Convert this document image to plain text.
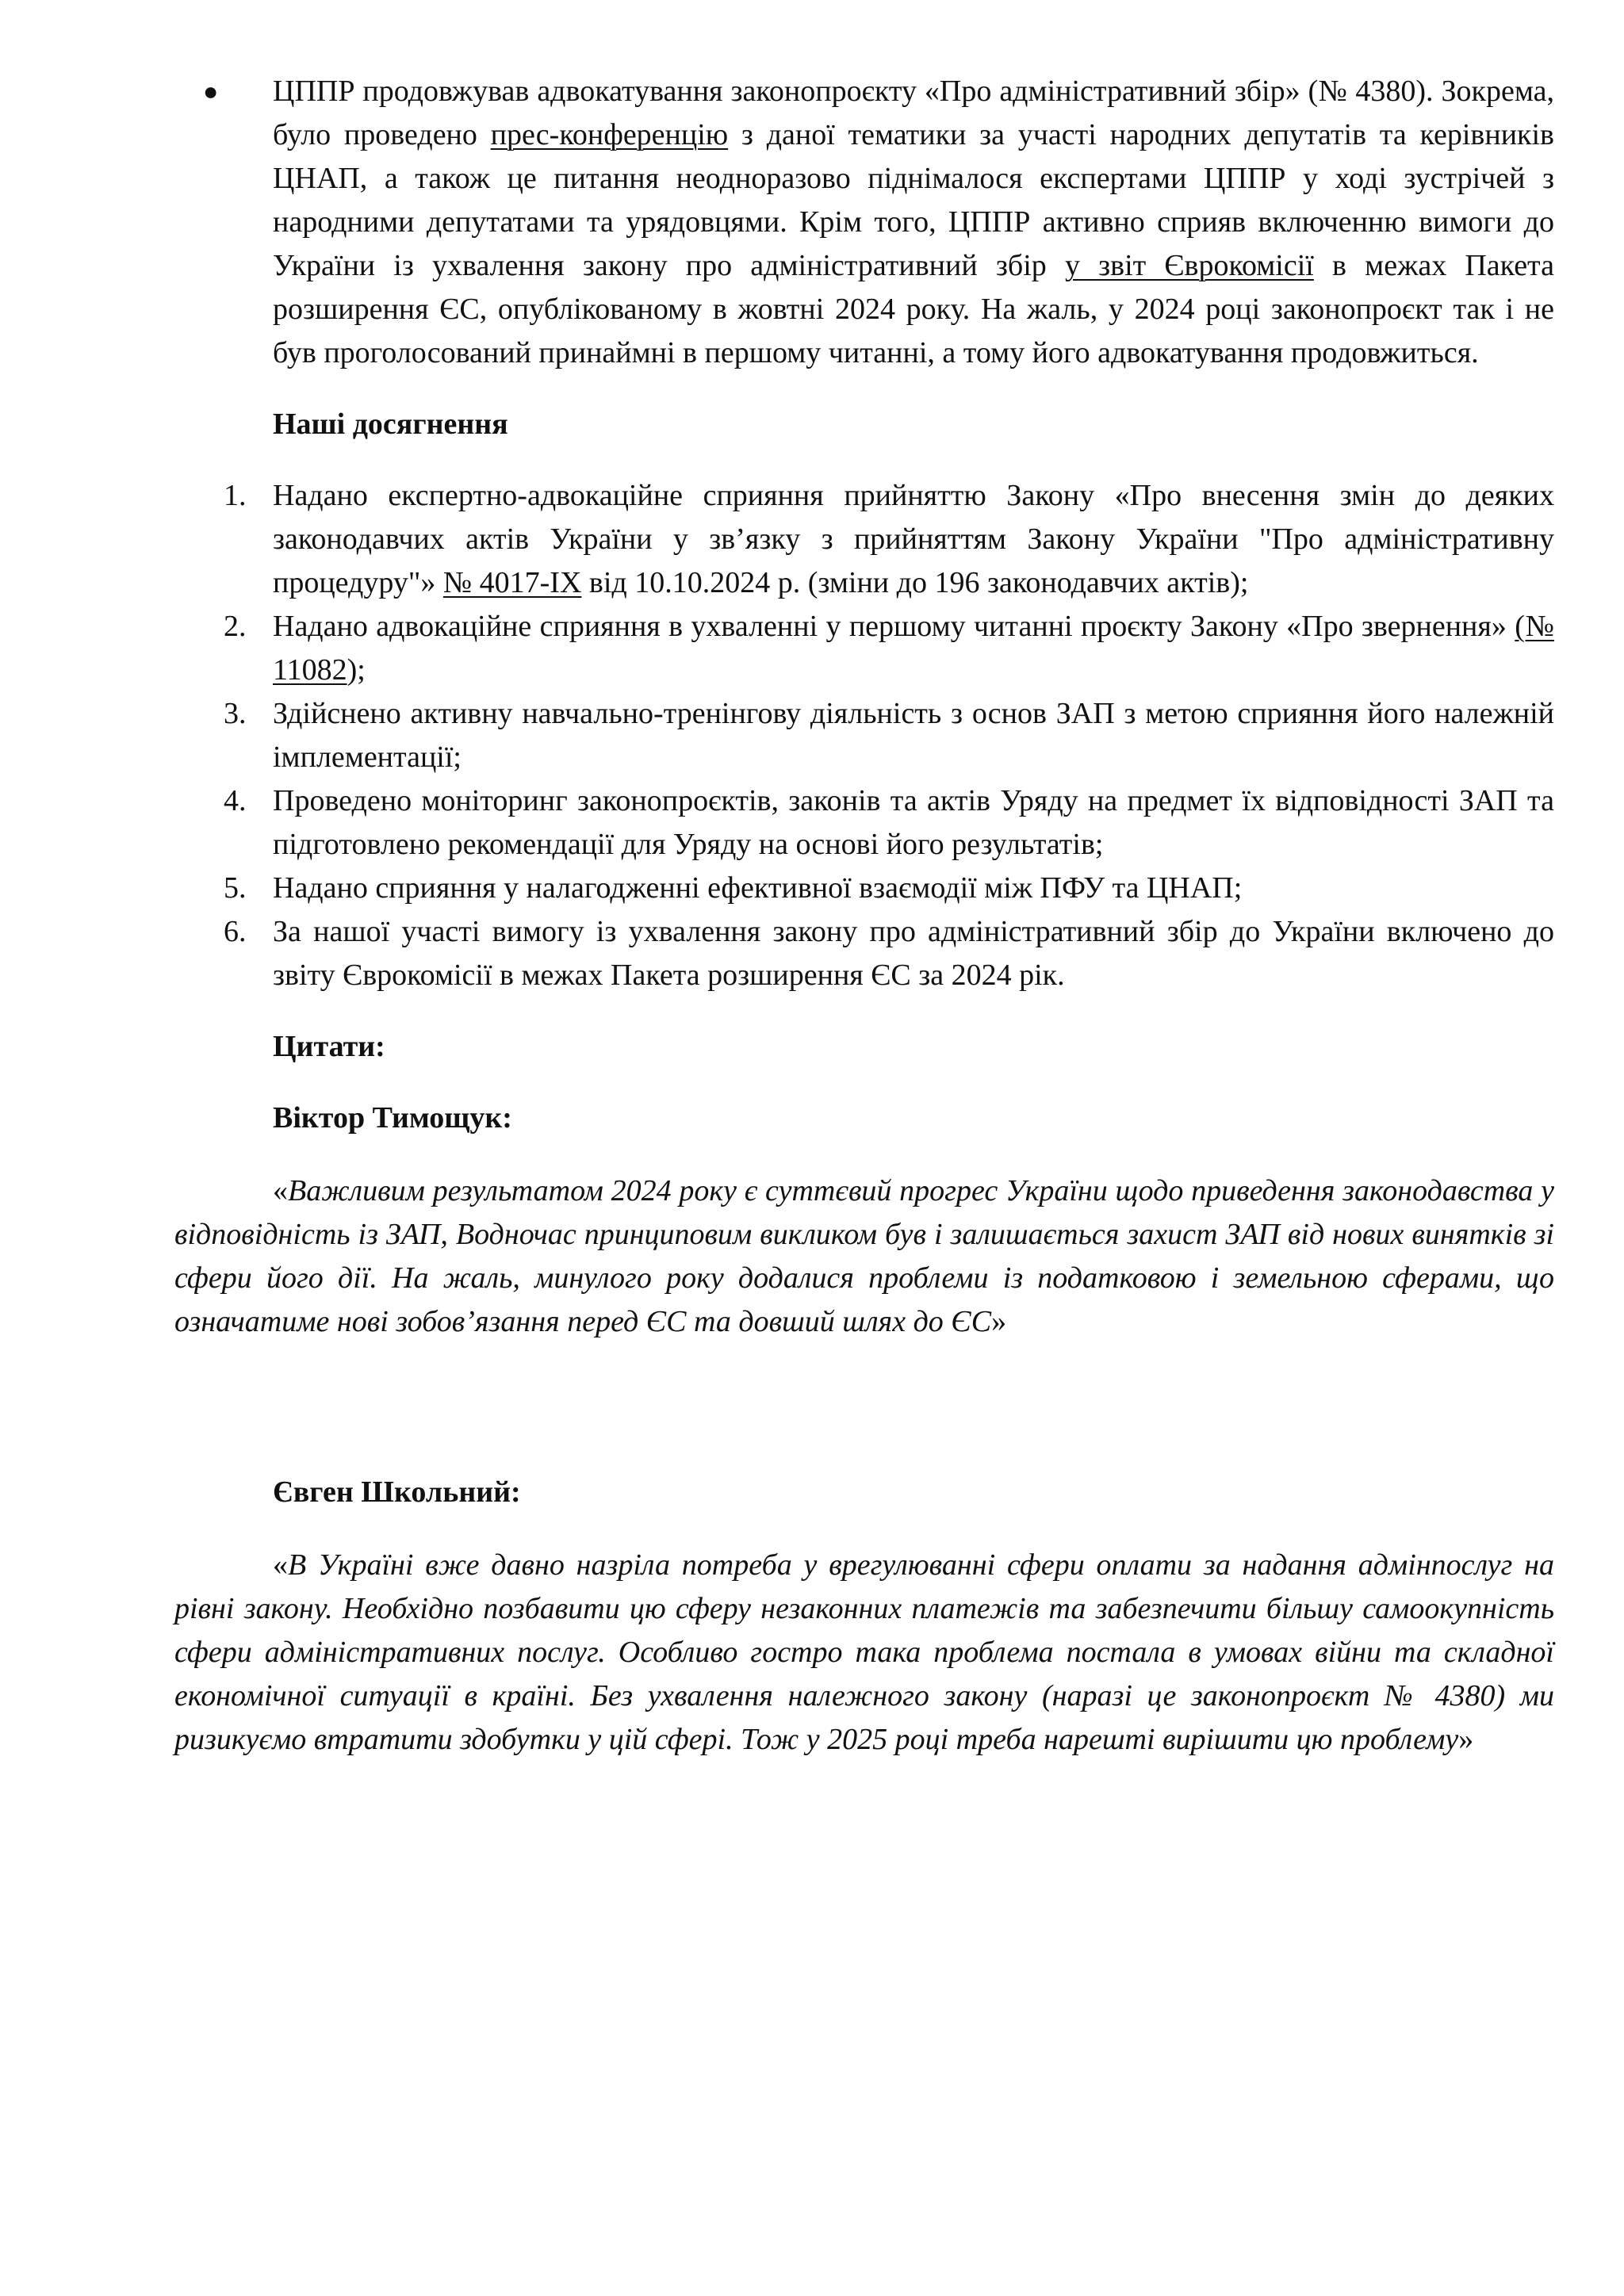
● ЦППР продовжував адвокатування законопроєкту «Про адміністративний збір» (№ 4380). Зокрема, було проведено прес-конференцію з даної тематики за участі народних депутатів та керівників ЦНАП, а також це питання неодноразово піднімалося експертами ЦППР у ході зустрічей з народними депутатами та урядовцями. Крім того, ЦППР активно сприяв включенню вимоги до України із ухвалення закону про адміністративний збір у звіт Єврокомісії в межах Пакета розширення ЄС, опублікованому в жовтні 2024 року. На жаль, у 2024 році законопроєкт так і не був проголосований принаймні в першому читанні, а тому його адвокатування продовжиться.

Наші досягнення

1. Надано експертно-адвокаційне сприяння прийняттю Закону «Про внесення змін до деяких законодавчих актів України у зв’язку з прийняттям Закону України "Про адміністративну процедуру"» № 4017-IX від 10.10.2024 р. (зміни до 196 законодавчих актів);

2. Надано адвокаційне сприяння в ухваленні у першому читанні проєкту Закону «Про звернення» (№ 11082);

3. Здійснено активну навчально-тренінгову діяльність з основ ЗАП з метою сприяння його належній імплементації;

4. Проведено моніторинг законопроєктів, законів та актів Уряду на предмет їх відповідності ЗАП та підготовлено рекомендації для Уряду на основі його результатів;

5. Надано сприяння у налагодженні ефективної взаємодії між ПФУ та ЦНАП;

6. За нашої участі вимогу із ухвалення закону про адміністративний збір до України включено до звіту Єврокомісії в межах Пакета розширення ЄС за 2024 рік.

Цитати:

Віктор Тимощук:

«Важливим результатом 2024 року є суттєвий прогрес України щодо приведення законодавства у відповідність із ЗАП, Водночас принциповим викликом був і залишається захист ЗАП від нових винятків зі сфери його дії. На жаль, минулого року додалися проблеми із податковою і земельною сферами, що означатиме нові зобов’язання перед ЄС та довший шлях до ЄС»

Євген Школьний:

«В Україні вже давно назріла потреба у врегулюванні сфери оплати за надання адмінпослуг на рівні закону. Необхідно позбавити цю сферу незаконних платежів та забезпечити більшу самоокупність сфери адміністративних послуг. Особливо гостро така проблема постала в умовах війни та складної економічної ситуації в країні. Без ухвалення належного закону (наразі це законопроєкт № 4380) ми ризикуємо втратити здобутки у цій сфері. Тож у 2025 році треба нарешті вирішити цю проблему»
